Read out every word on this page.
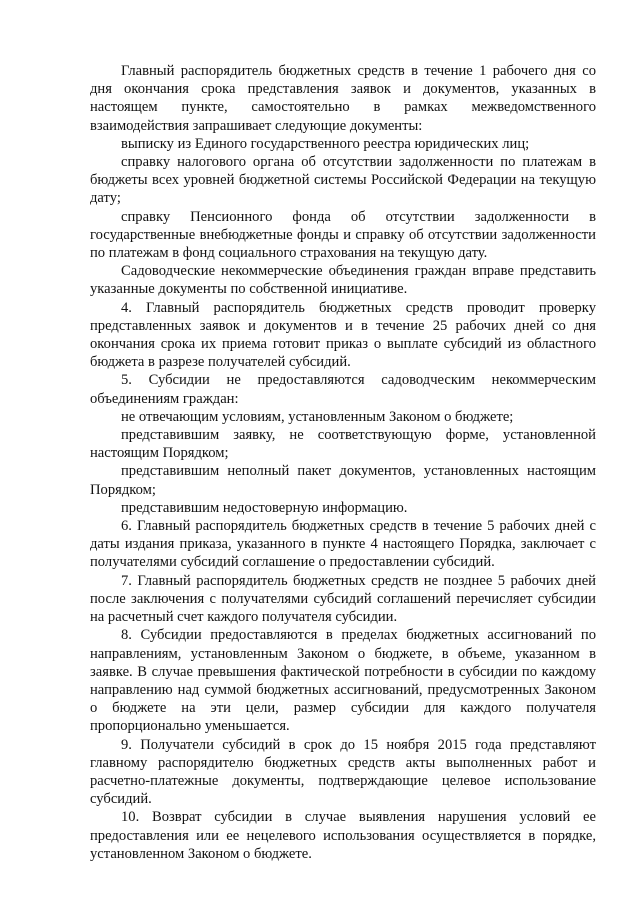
Главный распорядитель бюджетных средств в течение 1 рабочего дня со дня окончания срока представления заявок и документов, указанных в настоящем пункте, самостоятельно в рамках межведомственного взаимодействия запрашивает следующие документы:

выписку из Единого государственного реестра юридических лиц;

справку налогового органа об отсутствии задолженности по платежам в бюджеты всех уровней бюджетной системы Российской Федерации на текущую дату;

справку Пенсионного фонда об отсутствии задолженности в государственные внебюджетные фонды и справку об отсутствии задолженности по платежам в фонд социального страхования на текущую дату.

Садоводческие некоммерческие объединения граждан вправе представить указанные документы по собственной инициативе.

4. Главный распорядитель бюджетных средств проводит проверку представленных заявок и документов и в течение 25 рабочих дней со дня окончания срока их приема готовит приказ о выплате субсидий из областного бюджета в разрезе получателей субсидий.

5. Субсидии не предоставляются садоводческим некоммерческим объединениям граждан:

не отвечающим условиям, установленным Законом о бюджете;

представившим заявку, не соответствующую форме, установленной настоящим Порядком;

представившим неполный пакет документов, установленных настоящим Порядком;

представившим недостоверную информацию.

6. Главный распорядитель бюджетных средств в течение 5 рабочих дней с даты издания приказа, указанного в пункте 4 настоящего Порядка, заключает с получателями субсидий соглашение о предоставлении субсидий.

7. Главный распорядитель бюджетных средств не позднее 5 рабочих дней после заключения с получателями субсидий соглашений перечисляет субсидии на расчетный счет каждого получателя субсидии.

8. Субсидии предоставляются в пределах бюджетных ассигнований по направлениям, установленным Законом о бюджете, в объеме, указанном в заявке. В случае превышения фактической потребности в субсидии по каждому направлению над суммой бюджетных ассигнований, предусмотренных Законом о бюджете на эти цели, размер субсидии для каждого получателя пропорционально уменьшается.

9. Получатели субсидий в срок до 15 ноября 2015 года представляют главному распорядителю бюджетных средств акты выполненных работ и расчетно-платежные документы, подтверждающие целевое использование субсидий.

10. Возврат субсидии в случае выявления нарушения условий ее предоставления или ее нецелевого использования осуществляется в порядке, установленном Законом о бюджете.
